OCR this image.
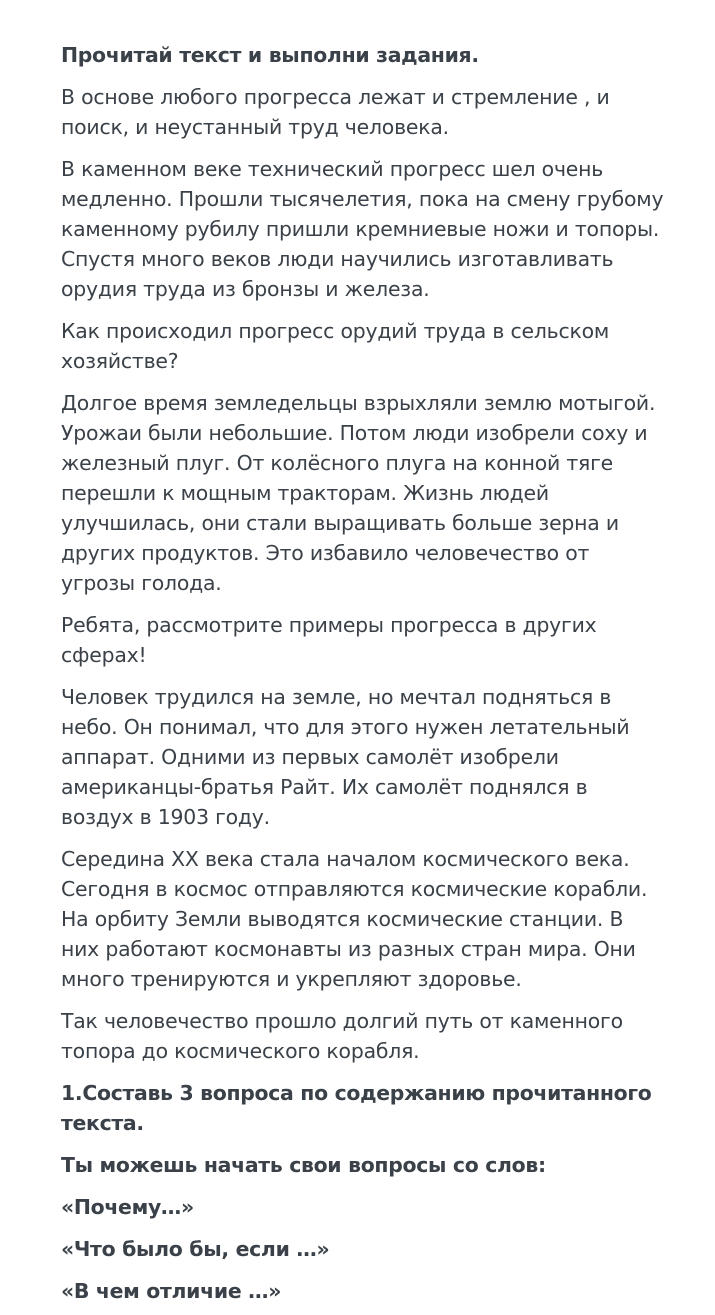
Прочитай текст и выполни задания.

В основе любого прогресса лежат и стремление , и поиск, и неустанный труд человека.

В каменном веке технический прогресс шел очень медленно. Прошли тысячелетия, пока на смену грубому каменному рубилу пришли кремниевые ножи и топоры. Спустя много веков люди научились изготавливать орудия труда из бронзы и железа.

Как происходил прогресс орудий труда в сельском хозяйстве?

Долгое время земледельцы взрыхляли землю мотыгой. Урожаи были небольшие. Потом люди изобрели соху и железный плуг. От колёсного плуга на конной тяге перешли к мощным тракторам. Жизнь людей улучшилась, они стали выращивать больше зерна и других продуктов. Это избавило человечество от угрозы голода.

Ребята, рассмотрите примеры прогресса в других сферах!

Человек трудился на земле, но мечтал подняться в небо. Он понимал, что для этого нужен летательный аппарат. Одними из первых самолёт изобрели американцы-братья Райт. Их самолёт поднялся в воздух в 1903 году.

Середина XX века стала началом космического века. Сегодня в космос отправляются космические корабли. На орбиту Земли выводятся космические станции. В них работают космонавты из разных стран мира. Они много тренируются и укрепляют здоровье.

Так человечество прошло долгий путь от каменного топора до космического корабля.

1.Составь 3 вопроса по содержанию прочитанного текста.

Ты можешь начать свои вопросы со слов:

«Почему…»

«Что было бы, если …»

«В чем отличие …»
